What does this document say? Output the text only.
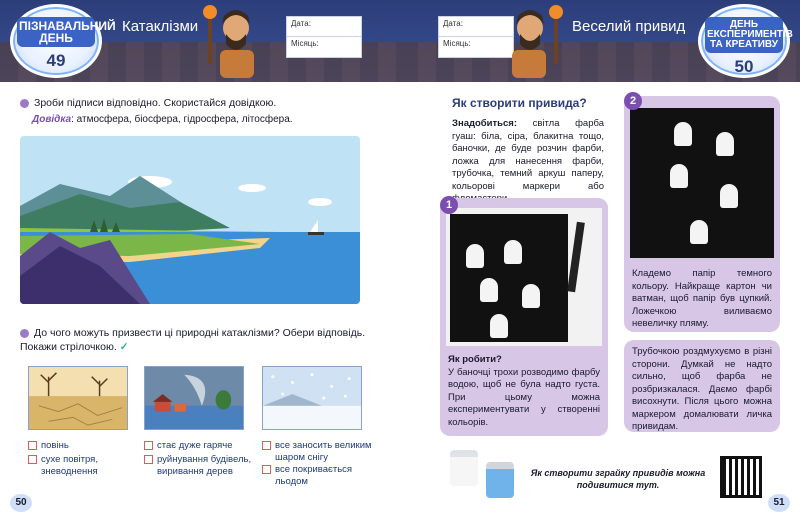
ПІЗНАВАЛЬНИЙ ДЕНЬ
49
Катаклізми	Дата:
Місяць:
Дата:
Місяць:
Веселий привид	ДЕНЬ ЕКСПЕРИМЕНТІВ ТА КРЕАТИВУ
50
Зроби підписи відповідно. Скористайся довідкою.
Довідка: атмосфера, біосфера, гідросфера, літосфера.
До чого можуть призвести ці природні катаклізми? Обери відповідь. Покажи стрілочкою. ✓
повінь
сухе повітря, зневоднення
стає дуже гаряче
руйнування будівель, виривання дерев
все заносить великим шаром снігу
все покривається льодом
50
Як створити привида?
Знадобиться: світла фарба гуаш: біла, сіра, блакитна тощо, баночки, де буде розчин фарби, ложка для нанесення фарби, трубочка, темний аркуш паперу, кольорові маркери або
Як робити?
У баночці трохи розводимо фарбу водою, щоб не була надто густа. При цьому можна експериментувати у створенні кольорів.
1
Кладемо папір темного кольору. Найкраще картон чи ватман, щоб папір був цупкий. Ложечкою виливаємо невеличку пляму.
2
Трубочкою роздмухуємо в різні сторони. Думкай не надто сильно, щоб фарба не розбризкалася. Даємо фарбі висохнути. Після цього можна маркером домалювати личка привидам.
Як створити зграйку привидів можна подивитися тут.
51
